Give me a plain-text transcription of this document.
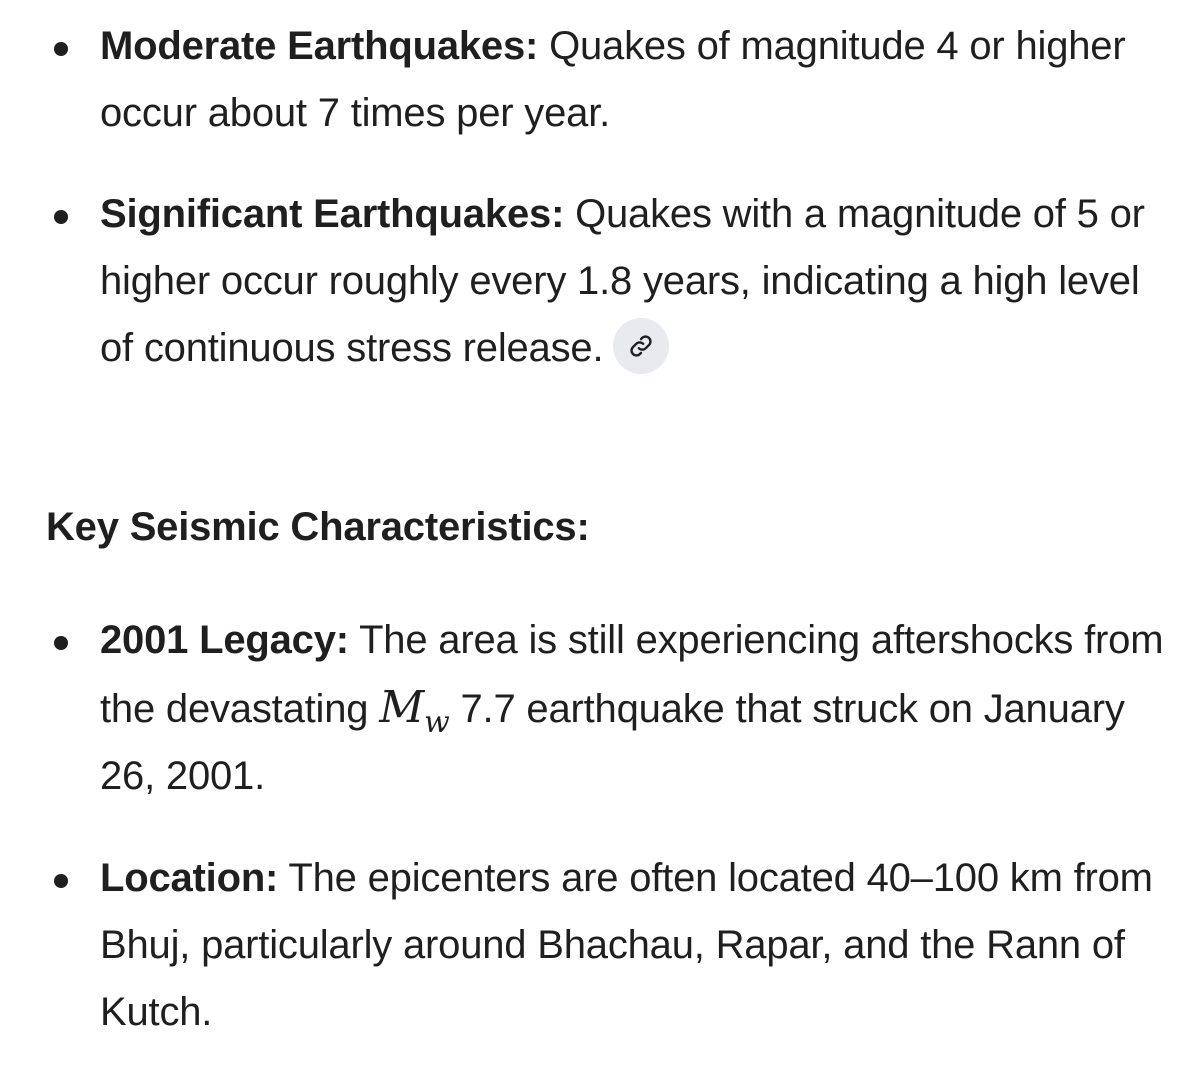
Moderate Earthquakes: Quakes of magnitude 4 or higher occur about 7 times per year.
Significant Earthquakes: Quakes with a magnitude of 5 or higher occur roughly every 1.8 years, indicating a high level of continuous stress release.
Key Seismic Characteristics:
2001 Legacy: The area is still experiencing aftershocks from the devastating $M_w$ 7.7 earthquake that struck on January 26, 2001.
Location: The epicenters are often located 40–100 km from Bhuj, particularly around Bhachau, Rapar, and the Rann of Kutch.
